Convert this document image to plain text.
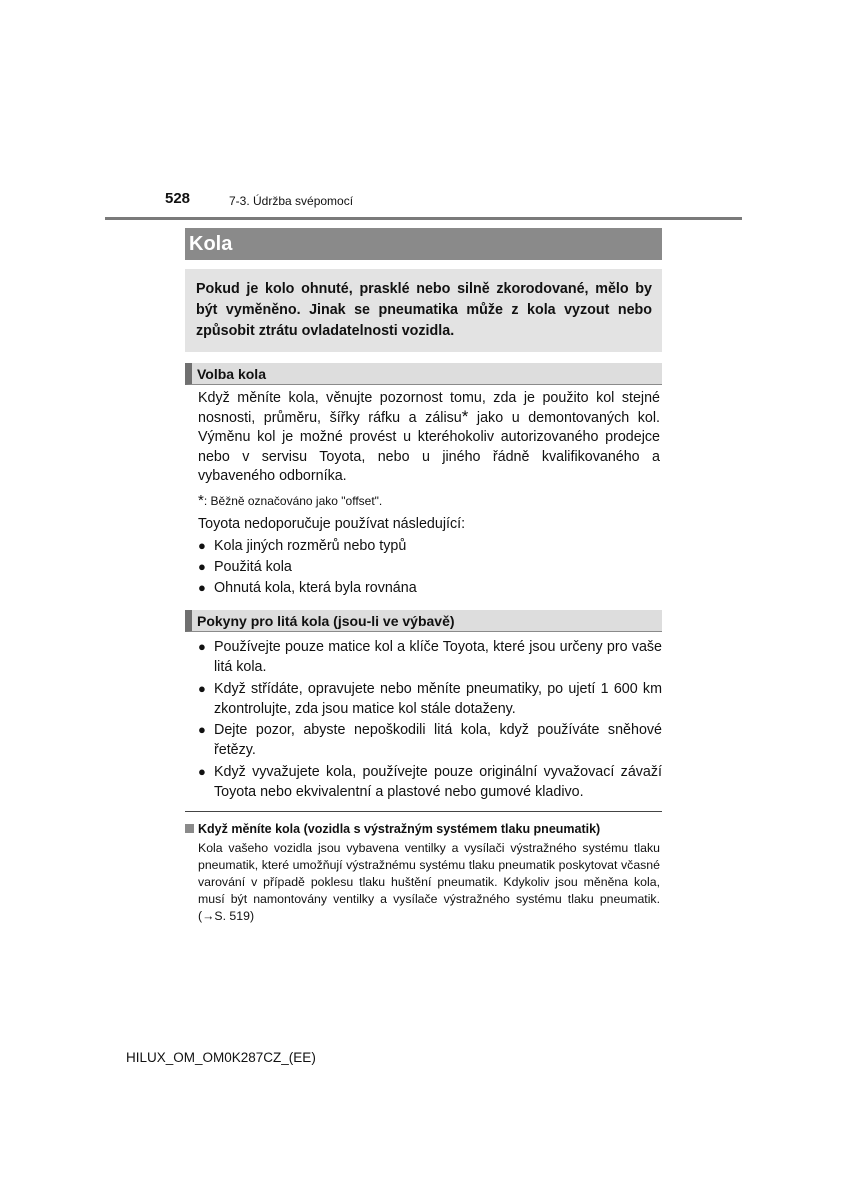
528	7-3. Údržba svépomocí
Kola
Pokud je kolo ohnuté, prasklé nebo silně zkorodované, mělo by být vyměněno. Jinak se pneumatika může z kola vyzout nebo způsobit ztrátu ovladatelnosti vozidla.
Volba kola
Když měníte kola, věnujte pozornost tomu, zda je použito kol stejné nosnosti, průměru, šířky ráfku a zálisu* jako u demontovaných kol. Výměnu kol je možné provést u kteréhokoliv autorizovaného prodejce nebo v servisu Toyota, nebo u jiného řádně kvalifikovaného a vybaveného odborníka.
*: Běžně označováno jako "offset".
Toyota nedoporučuje používat následující:
● Kola jiných rozměrů nebo typů
● Použitá kola
● Ohnutá kola, která byla rovnána
Pokyny pro litá kola (jsou-li ve výbavě)
● Používejte pouze matice kol a klíče Toyota, které jsou určeny pro vaše litá kola.
● Když střídáte, opravujete nebo měníte pneumatiky, po ujetí 1 600 km zkontrolujte, zda jsou matice kol stále dotaženy.
● Dejte pozor, abyste nepoškodili litá kola, když používáte sněhové řetězy.
● Když vyvažujete kola, používejte pouze originální vyvažovací závaží Toyota nebo ekvivalentní a plastové nebo gumové kladivo.
Když měníte kola (vozidla s výstražným systémem tlaku pneumatik)
Kola vašeho vozidla jsou vybavena ventilky a vysílači výstražného systému tlaku pneumatik, které umožňují výstražnému systému tlaku pneumatik poskytovat včasné varování v případě poklesu tlaku huštění pneumatik. Kdykoliv jsou měněna kola, musí být namontovány ventilky a vysílače výstražného systému tlaku pneumatik. (→S. 519)
HILUX_OM_OM0K287CZ_(EE)
